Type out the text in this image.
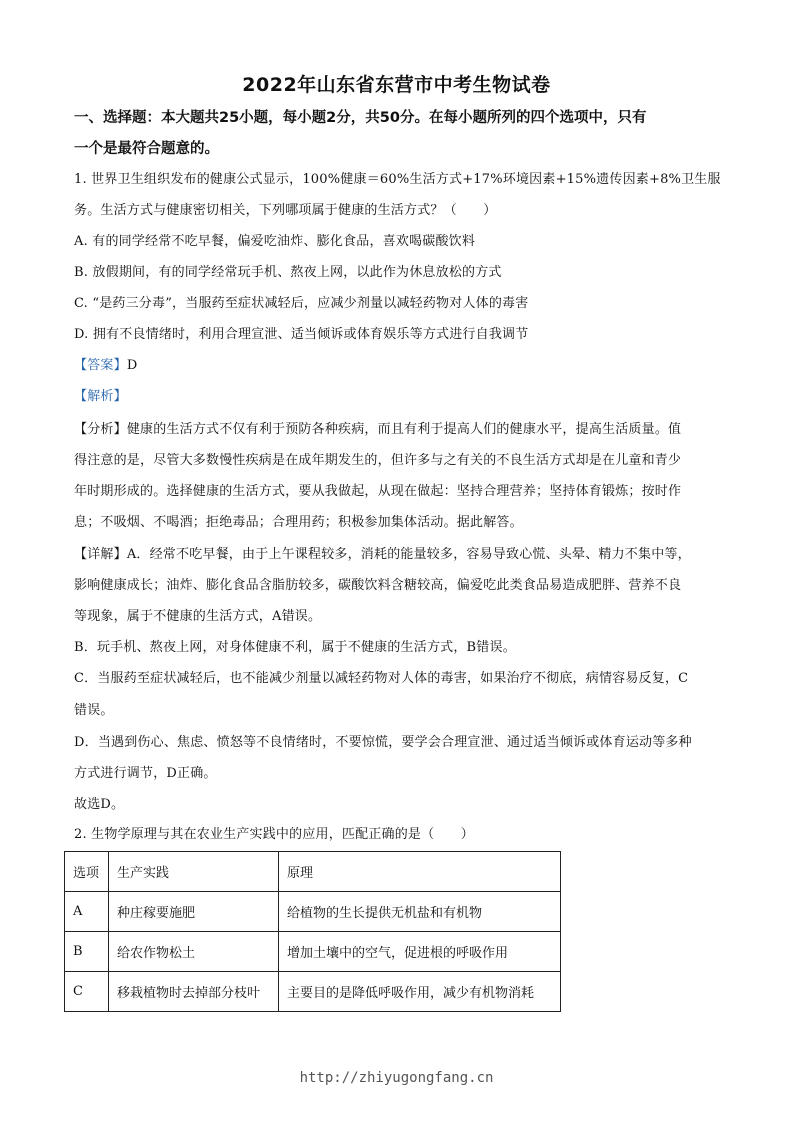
2022年山东省东营市中考生物试卷
一、选择题：本大题共25小题，每小题2分，共50分。在每小题所列的四个选项中，只有
一个是最符合题意的。
1. 世界卫生组织发布的健康公式显示，100%健康＝60%生活方式+17%环境因素+15%遗传因素+8%卫生服
务。生活方式与健康密切相关，下列哪项属于健康的生活方式？（　　）
A. 有的同学经常不吃早餐，偏爱吃油炸、膨化食品，喜欢喝碳酸饮料
B. 放假期间，有的同学经常玩手机、熬夜上网，以此作为休息放松的方式
C. “是药三分毒”，当服药至症状减轻后，应减少剂量以减轻药物对人体的毒害
D. 拥有不良情绪时，利用合理宣泄、适当倾诉或体育娱乐等方式进行自我调节
【答案】D
【解析】
【分析】健康的生活方式不仅有利于预防各种疾病，而且有利于提高人们的健康水平，提高生活质量。值
得注意的是，尽管大多数慢性疾病是在成年期发生的，但许多与之有关的不良生活方式却是在儿童和青少
年时期形成的。选择健康的生活方式，要从我做起，从现在做起：坚持合理营养；坚持体育锻炼；按时作
息；不吸烟、不喝酒；拒绝毒品；合理用药；积极参加集体活动。据此解答。
【详解】A．经常不吃早餐，由于上午课程较多，消耗的能量较多，容易导致心慌、头晕、精力不集中等，
影响健康成长；油炸、膨化食品含脂肪较多，碳酸饮料含糖较高，偏爱吃此类食品易造成肥胖、营养不良
等现象，属于不健康的生活方式，A错误。
B．玩手机、熬夜上网，对身体健康不利，属于不健康的生活方式，B错误。
C．当服药至症状减轻后，也不能减少剂量以减轻药物对人体的毒害，如果治疗不彻底，病情容易反复，C
错误。
D．当遇到伤心、焦虑、愤怒等不良情绪时，不要惊慌，要学会合理宣泄、通过适当倾诉或体育运动等多种
方式进行调节，D正确。
故选D。
2. 生物学原理与其在农业生产实践中的应用，匹配正确的是（　　）
选项	生产实践	原理
A	种庄稼要施肥	给植物的生长提供无机盐和有机物
B	给农作物松土	增加土壤中的空气，促进根的呼吸作用
C	移栽植物时去掉部分枝叶	主要目的是降低呼吸作用，减少有机物消耗
http://zhiyugongfang.cn
